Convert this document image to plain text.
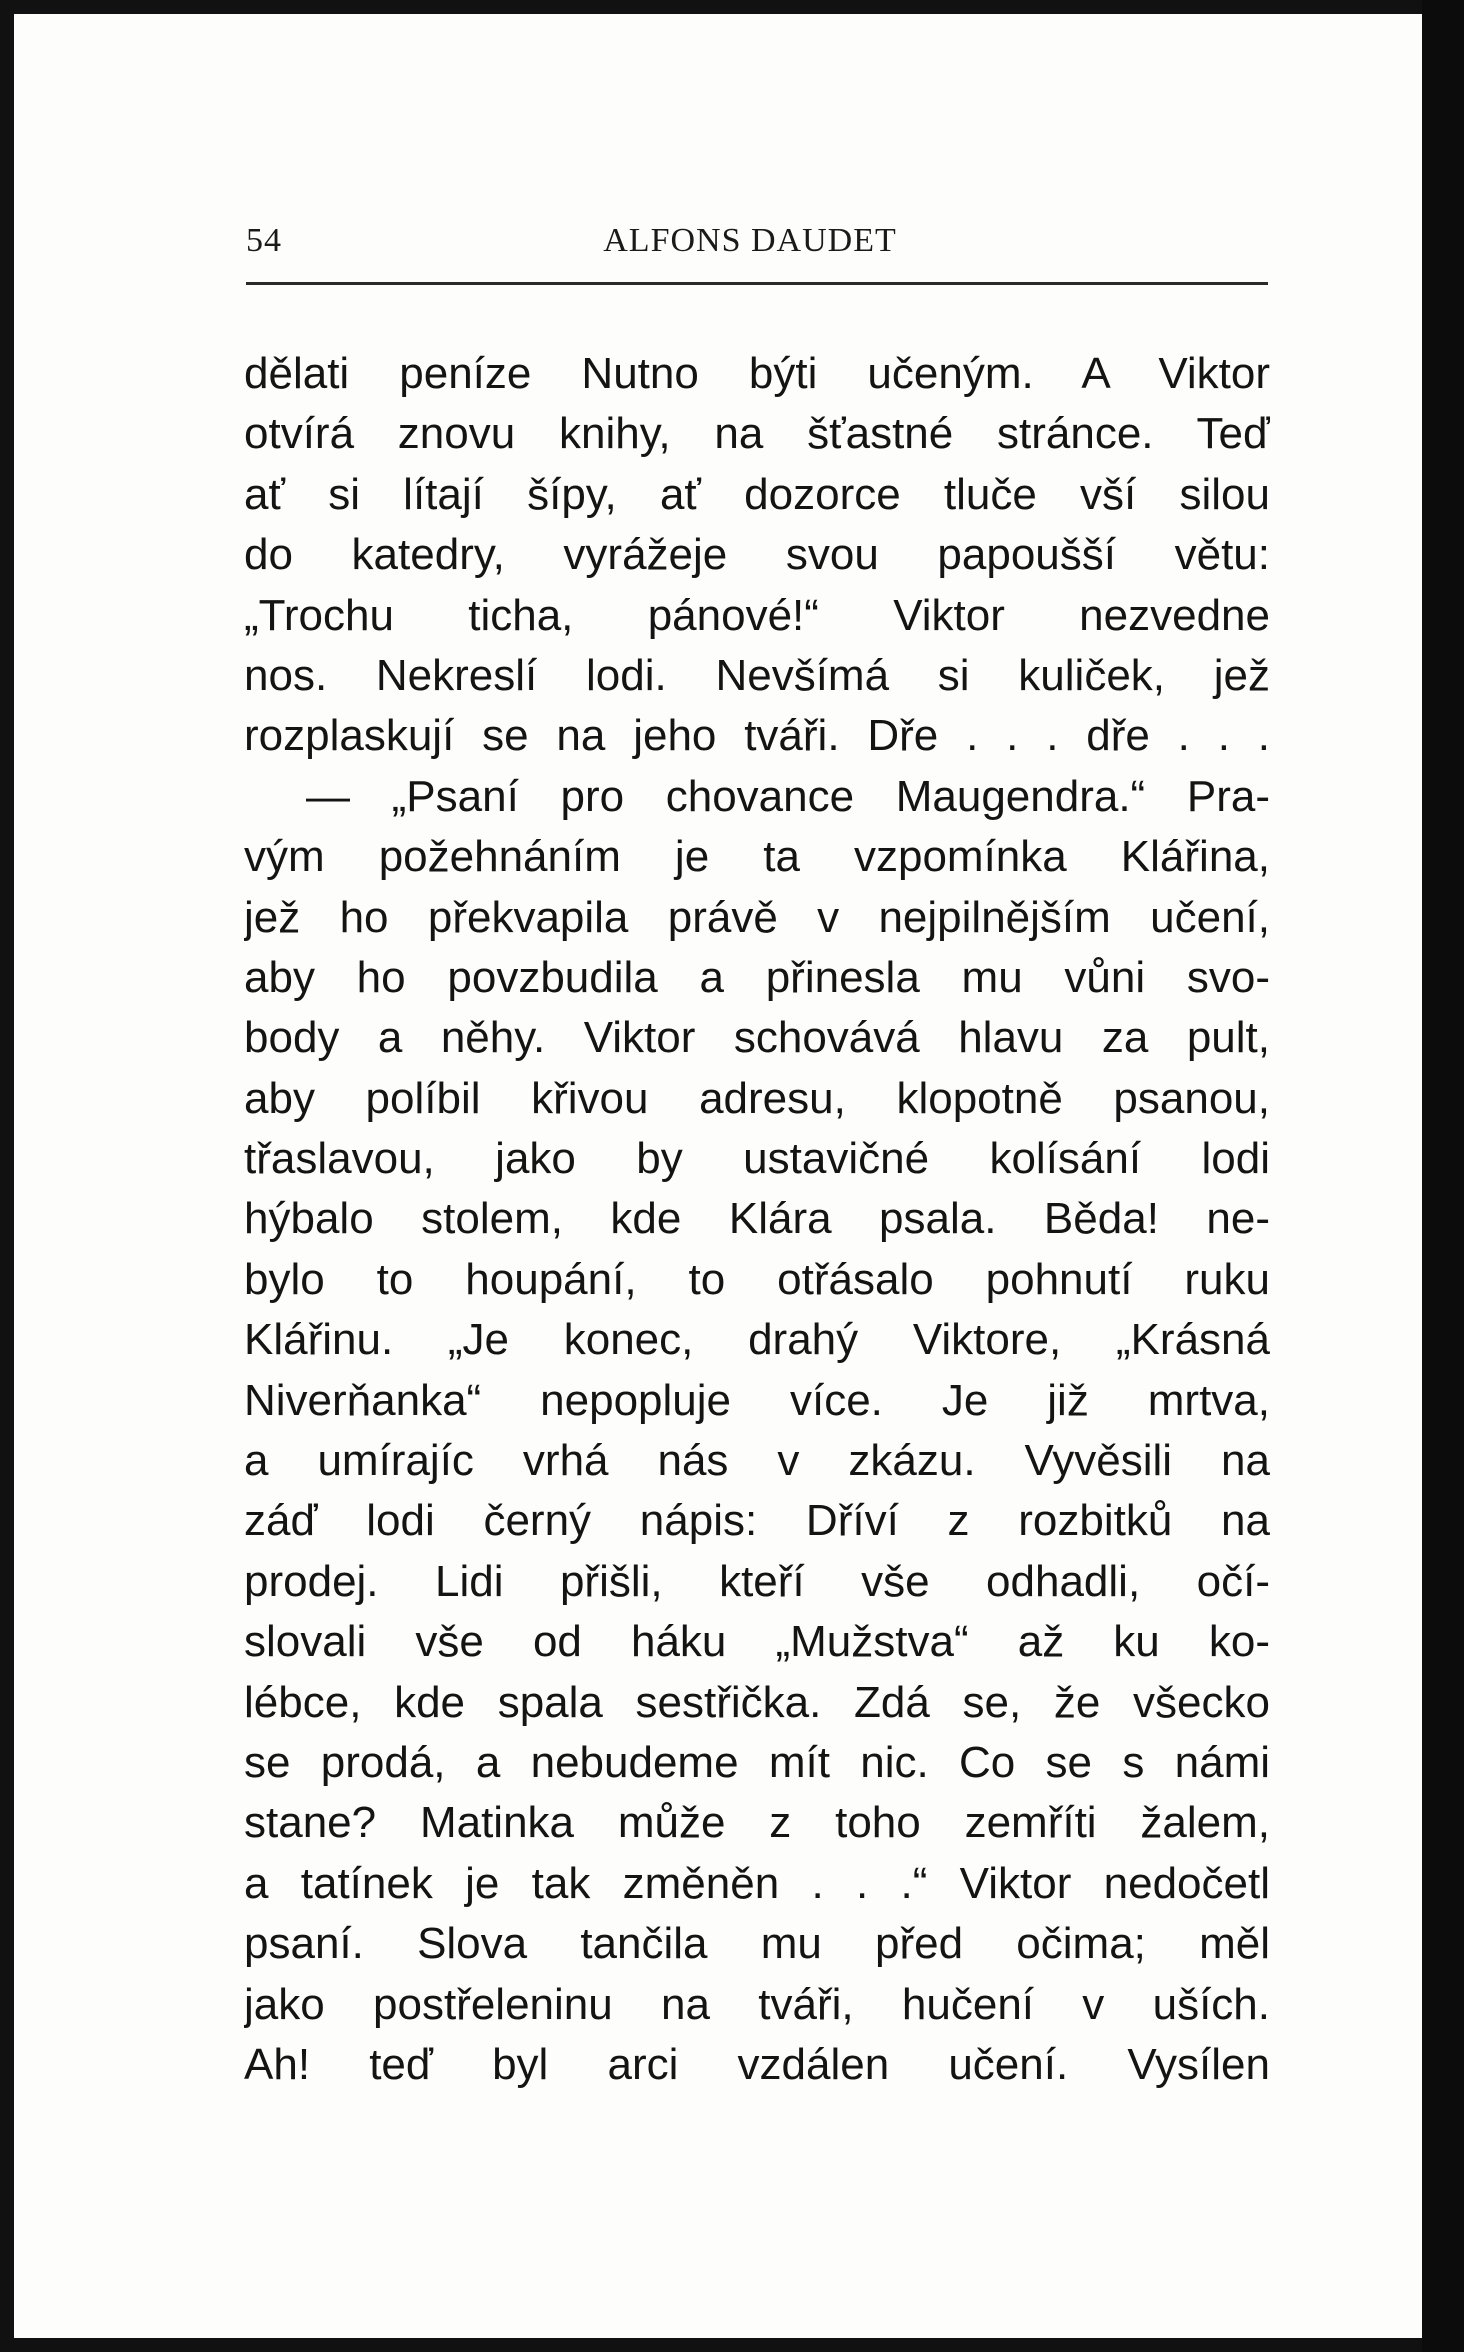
54	ALFONS DAUDET
dělati peníze Nutno býti učeným. A Viktor
otvírá znovu knihy, na šťastné stránce. Teď
ať si lítají šípy, ať dozorce tluče vší silou
do katedry, vyrážeje svou papoušší větu:
„Trochu ticha, pánové!“ Viktor nezvedne
nos. Nekreslí lodi. Nevšímá si kuliček, jež
rozplaskují se na jeho tváři. Dře . . . dře . . .
— „Psaní pro chovance Maugendra.“ Pra-
vým požehnáním je ta vzpomínka Klářina,
jež ho překvapila právě v nejpilnějším učení,
aby ho povzbudila a přinesla mu vůni svo-
body a něhy. Viktor schovává hlavu za pult,
aby políbil křivou adresu, klopotně psanou,
třaslavou, jako by ustavičné kolísání lodi
hýbalo stolem, kde Klára psala. Běda! ne-
bylo to houpání, to otřásalo pohnutí ruku
Klářinu. „Je konec, drahý Viktore, „Krásná
Niverňanka“ nepopluje více. Je již mrtva,
a umírajíc vrhá nás v zkázu. Vyvěsili na
záď lodi černý nápis: Dříví z rozbitků na
prodej. Lidi přišli, kteří vše odhadli, očí-
slovali vše od háku „Mužstva“ až ku ko-
lébce, kde spala sestřička. Zdá se, že všecko
se prodá, a nebudeme mít nic. Co se s námi
stane? Matinka může z toho zemříti žalem,
a tatínek je tak změněn . . .“ Viktor nedočetl
psaní. Slova tančila mu před očima; měl
jako postřeleninu na tváři, hučení v uších.
Ah! teď byl arci vzdálen učení. Vysílen
